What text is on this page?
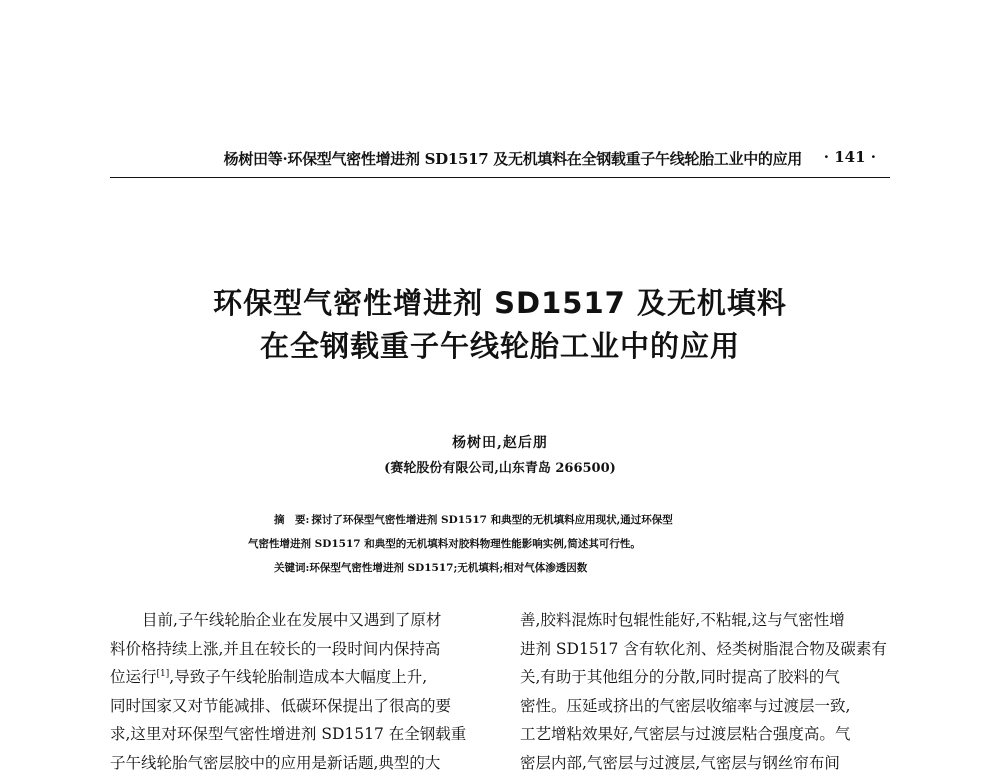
杨树田等·环保型气密性增进剂 SD1517 及无机填料在全钢载重子午线轮胎工业中的应用 · 141 ·
环保型气密性增进剂 SD1517 及无机填料
在全钢载重子午线轮胎工业中的应用
杨树田,赵后朋
(赛轮股份有限公司,山东青岛 266500)
摘　要: 探讨了环保型气密性增进剂 SD1517 和典型的无机填料应用现状,通过环保型
气密性增进剂 SD1517 和典型的无机填料对胶料物理性能影响实例,简述其可行性。
关键词:环保型气密性增进剂 SD1517;无机填料;相对气体渗透因数
目前,子午线轮胎企业在发展中又遇到了原材
料价格持续上涨,并且在较长的一段时间内保持高
位运行[1],导致子午线轮胎制造成本大幅度上升,
同时国家又对节能减排、低碳环保提出了很高的要
求,这里对环保型气密性增进剂 SD1517 在全钢载重
子午线轮胎气密层胶中的应用是新话题,典型的大
善,胶料混炼时包辊性能好,不粘辊,这与气密性增
进剂 SD1517 含有软化剂、烃类树脂混合物及碳素有
关,有助于其他组分的分散,同时提高了胶料的气
密性。压延或挤出的气密层收缩率与过渡层一致,
工艺增粘效果好,气密层与过渡层粘合强度高。气
密层内部,气密层与过渡层,气密层与钢丝帘布间
